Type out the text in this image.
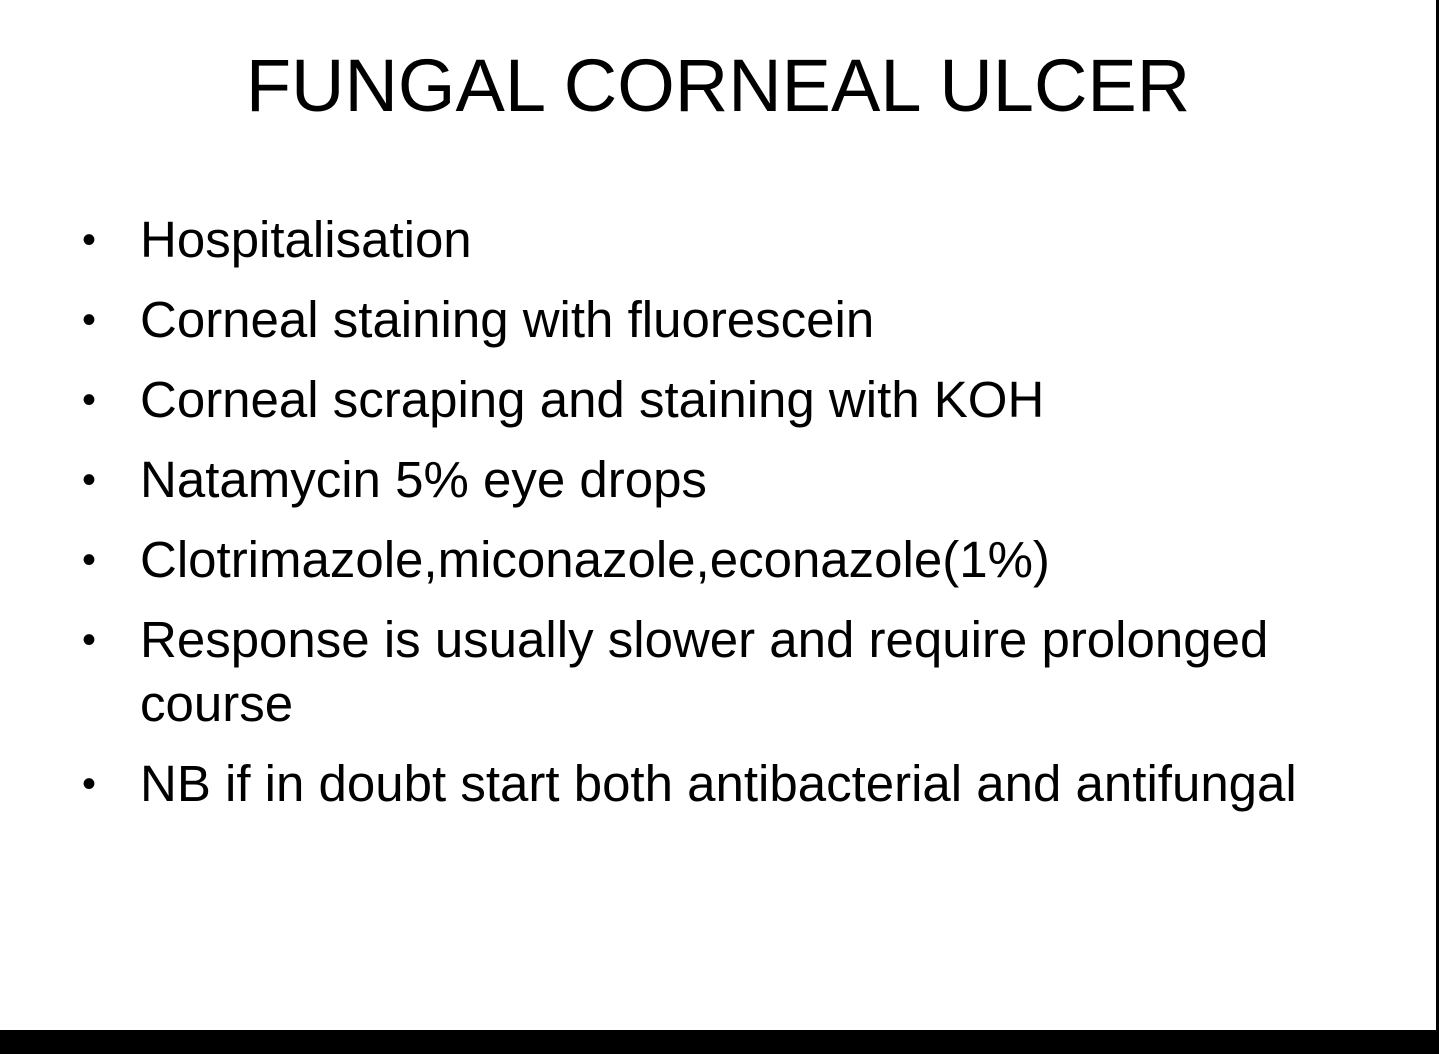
FUNGAL CORNEAL ULCER
• Hospitalisation
• Corneal staining with fluorescein
• Corneal scraping and staining with KOH
• Natamycin 5% eye drops
• Clotrimazole,miconazole,econazole(1%)
• Response is usually slower and require prolonged course
• NB if in doubt start both antibacterial and antifungal
